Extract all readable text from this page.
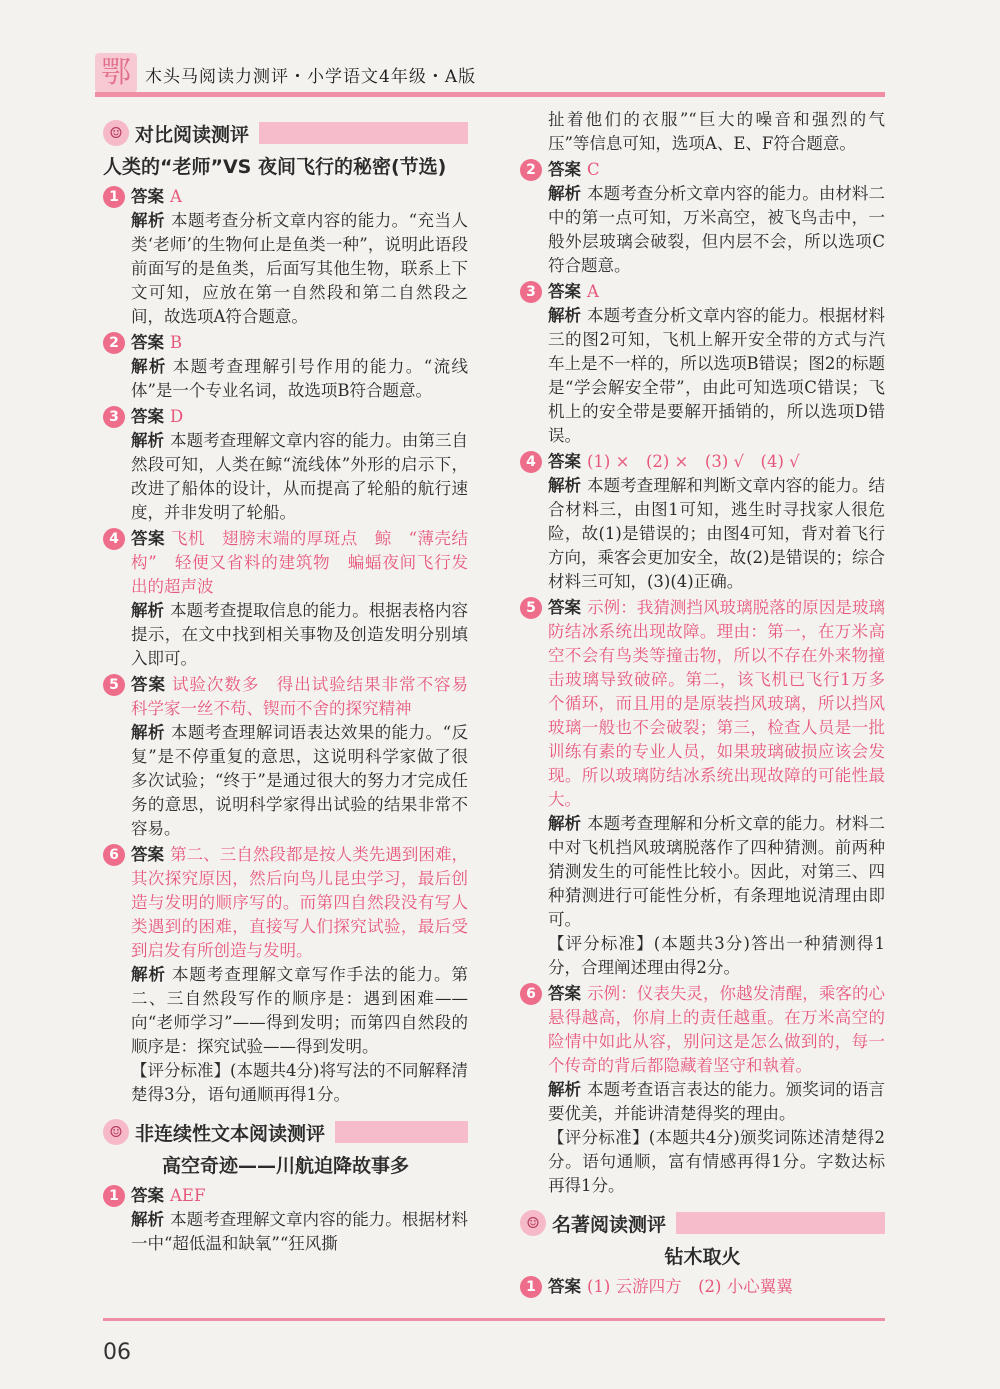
鄂 木头马阅读力测评・小学语文4年级・A版
☺ 对比阅读测评
人类的“老师”VS 夜间飞行的秘密(节选)
1 答案 A
解析 本题考查分析文章内容的能力。“充当人类‘老师’的生物何止是鱼类一种”，说明此语段前面写的是鱼类，后面写其他生物，联系上下文可知，应放在第一自然段和第二自然段之间，故选项A符合题意。
2 答案 B
解析 本题考查理解引号作用的能力。“流线体”是一个专业名词，故选项B符合题意。
3 答案 D
解析 本题考查理解文章内容的能力。由第三自然段可知，人类在鲸“流线体”外形的启示下，改进了船体的设计，从而提高了轮船的航行速度，并非发明了轮船。
4 答案 飞机　翅膀末端的厚斑点　鲸　“薄壳结构”　轻便又省料的建筑物　蝙蝠夜间飞行发出的超声波
解析 本题考查提取信息的能力。根据表格内容提示，在文中找到相关事物及创造发明分别填入即可。
5 答案 试验次数多　得出试验结果非常不容易　科学家一丝不苟、锲而不舍的探究精神
解析 本题考查理解词语表达效果的能力。“反复”是不停重复的意思，这说明科学家做了很多次试验；“终于”是通过很大的努力才完成任务的意思，说明科学家得出试验的结果非常不容易。
6 答案 第二、三自然段都是按人类先遇到困难，其次探究原因，然后向鸟儿昆虫学习，最后创造与发明的顺序写的。而第四自然段没有写人类遇到的困难，直接写人们探究试验，最后受到启发有所创造与发明。
解析 本题考查理解文章写作手法的能力。第二、三自然段写作的顺序是：遇到困难——向“老师学习”——得到发明；而第四自然段的顺序是：探究试验——得到发明。
【评分标准】(本题共4分)将写法的不同解释清楚得3分，语句通顺再得1分。
☺ 非连续性文本阅读测评
高空奇迹——川航迫降故事多
1 答案 AEF
解析 本题考查理解文章内容的能力。根据材料一中“超低温和缺氧”“狂风撕
扯着他们的衣服”“巨大的噪音和强烈的气压”等信息可知，选项A、E、F符合题意。
2 答案 C
解析 本题考查分析文章内容的能力。由材料二中的第一点可知，万米高空，被飞鸟击中，一般外层玻璃会破裂，但内层不会，所以选项C符合题意。
3 答案 A
解析 本题考查分析文章内容的能力。根据材料三的图2可知，飞机上解开安全带的方式与汽车上是不一样的，所以选项B错误；图2的标题是“学会解安全带”，由此可知选项C错误；飞机上的安全带是要解开插销的，所以选项D错误。
4 答案 (1) ×　(2) ×　(3) √　(4) √
解析 本题考查理解和判断文章内容的能力。结合材料三，由图1可知，逃生时寻找家人很危险，故(1)是错误的；由图4可知，背对着飞行方向，乘客会更加安全，故(2)是错误的；综合材料三可知，(3)(4)正确。
5 答案 示例：我猜测挡风玻璃脱落的原因是玻璃防结冰系统出现故障。理由：第一，在万米高空不会有鸟类等撞击物，所以不存在外来物撞击玻璃导致破碎。第二，该飞机已飞行1万多个循环，而且用的是原装挡风玻璃，所以挡风玻璃一般也不会破裂；第三，检查人员是一批训练有素的专业人员，如果玻璃破损应该会发现。所以玻璃防结冰系统出现故障的可能性最大。
解析 本题考查理解和分析文章的能力。材料二中对飞机挡风玻璃脱落作了四种猜测。前两种猜测发生的可能性比较小。因此，对第三、四种猜测进行可能性分析，有条理地说清理由即可。
【评分标准】(本题共3分)答出一种猜测得1分，合理阐述理由得2分。
6 答案 示例：仪表失灵，你越发清醒，乘客的心悬得越高，你肩上的责任越重。在万米高空的险情中如此从容，别问这是怎么做到的，每一个传奇的背后都隐藏着坚守和執着。
解析 本题考查语言表达的能力。颁奖词的语言要优美，并能讲清楚得奖的理由。
【评分标准】(本题共4分)颁奖词陈述清楚得2分。语句通顺，富有情感再得1分。字数达标再得1分。
☺ 名著阅读测评
钻木取火
1 答案 (1) 云游四方　(2) 小心翼翼
06
